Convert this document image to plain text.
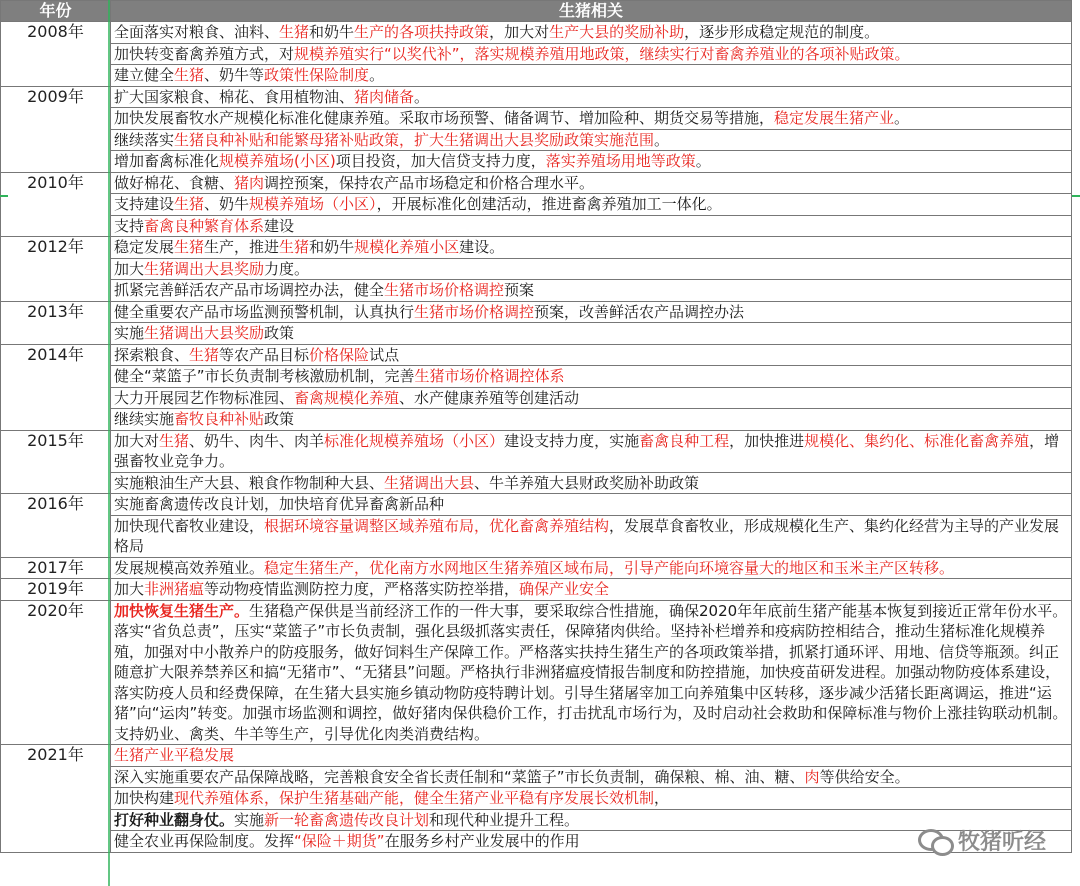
年份	生猪相关
2008年	全面落实对粮食、油料、生猪和奶牛生产的各项扶持政策，加大对生产大县的奖励补助，逐步形成稳定规范的制度。
	加快转变畜禽养殖方式，对规模养殖实行“以奖代补”，落实规模养殖用地政策，继续实行对畜禽养殖业的各项补贴政策。
	建立健全生猪、奶牛等政策性保险制度。
2009年	扩大国家粮食、棉花、食用植物油、猪肉储备。
	加快发展畜牧水产规模化标准化健康养殖。采取市场预警、储备调节、增加险种、期货交易等措施，稳定发展生猪产业。
	继续落实生猪良种补贴和能繁母猪补贴政策，扩大生猪调出大县奖励政策实施范围。
	增加畜禽标准化规模养殖场(小区)项目投资，加大信贷支持力度，落实养殖场用地等政策。
2010年	做好棉花、食糖、猪肉调控预案，保持农产品市场稳定和价格合理水平。
	支持建设生猪、奶牛规模养殖场（小区），开展标准化创建活动，推进畜禽养殖加工一体化。
	支持畜禽良种繁育体系建设
2012年	稳定发展生猪生产，推进生猪和奶牛规模化养殖小区建设。
	加大生猪调出大县奖励力度。
	抓紧完善鲜活农产品市场调控办法，健全生猪市场价格调控预案
2013年	健全重要农产品市场监测预警机制，认真执行生猪市场价格调控预案，改善鲜活农产品调控办法
	实施生猪调出大县奖励政策
2014年	探索粮食、生猪等农产品目标价格保险试点
	健全“菜篮子”市长负责制考核激励机制，完善生猪市场价格调控体系
	大力开展园艺作物标准园、畜禽规模化养殖、水产健康养殖等创建活动
	继续实施畜牧良种补贴政策
2015年	加大对生猪、奶牛、肉牛、肉羊标准化规模养殖场（小区）建设支持力度，实施畜禽良种工程，加快推进规模化、集约化、标准化畜禽养殖，增强畜牧业竞争力。
	实施粮油生产大县、粮食作物制种大县、生猪调出大县、牛羊养殖大县财政奖励补助政策
2016年	实施畜禽遗传改良计划，加快培育优异畜禽新品种
	加快现代畜牧业建设，根据环境容量调整区域养殖布局，优化畜禽养殖结构，发展草食畜牧业，形成规模化生产、集约化经营为主导的产业发展格局
2017年	发展规模高效养殖业。稳定生猪生产，优化南方水网地区生猪养殖区域布局，引导产能向环境容量大的地区和玉米主产区转移。
2019年	加大非洲猪瘟等动物疫情监测防控力度，严格落实防控举措，确保产业安全
2020年	加快恢复生猪生产。生猪稳产保供是当前经济工作的一件大事，要采取综合性措施，确保2020年年底前生猪产能基本恢复到接近正常年份水平。落实“省负总责”，压实“菜篮子”市长负责制，强化县级抓落实责任，保障猪肉供给。坚持补栏增养和疫病防控相结合，推动生猪标准化规模养殖，加强对中小散养户的防疫服务，做好饲料生产保障工作。严格落实扶持生猪生产的各项政策举措，抓紧打通环评、用地、信贷等瓶颈。纠正随意扩大限养禁养区和搞“无猪市”、“无猪县”问题。严格执行非洲猪瘟疫情报告制度和防控措施，加快疫苗研发进程。加强动物防疫体系建设，落实防疫人员和经费保障，在生猪大县实施乡镇动物防疫特聘计划。引导生猪屠宰加工向养殖集中区转移，逐步减少活猪长距离调运，推进“运猪”向“运肉”转变。加强市场监测和调控，做好猪肉保供稳价工作，打击扰乱市场行为，及时启动社会救助和保障标准与物价上涨挂钩联动机制。支持奶业、禽类、牛羊等生产，引导优化肉类消费结构。
2021年	生猪产业平稳发展
	深入实施重要农产品保障战略，完善粮食安全省长责任制和“菜篮子”市长负责制，确保粮、棉、油、糖、肉等供给安全。
	加快构建现代养殖体系，保护生猪基础产能，健全生猪产业平稳有序发展长效机制，
	打好种业翻身仗。实施新一轮畜禽遗传改良计划和现代种业提升工程。
	健全农业再保险制度。发挥“保险＋期货”在服务乡村产业发展中的作用	牧猪听经
